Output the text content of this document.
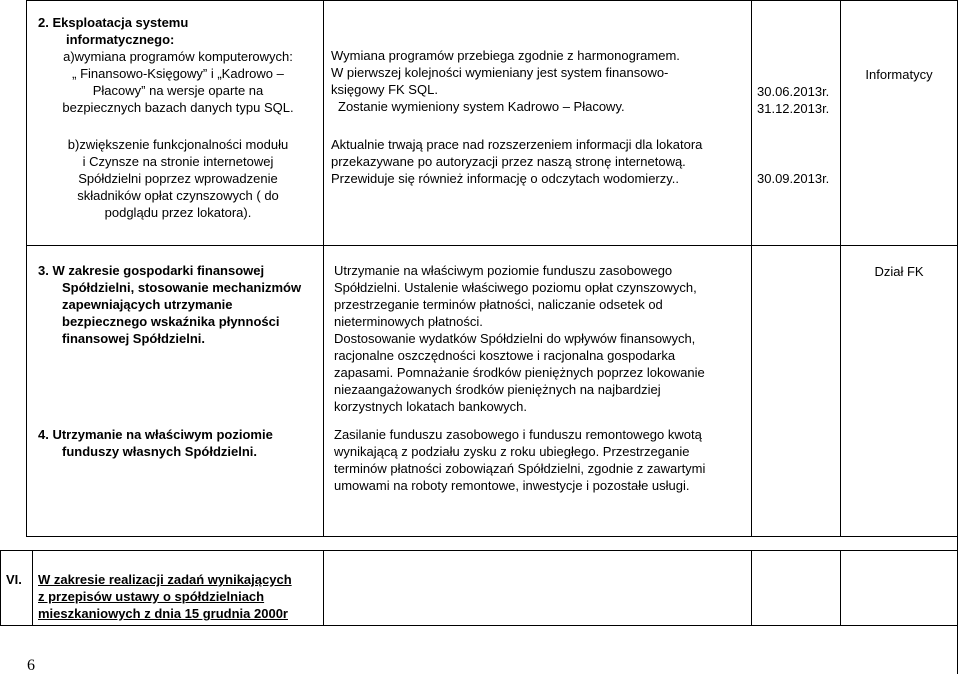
2. Eksploatacja systemu
informatycznego:
a)wymiana programów komputerowych:
„ Finansowo-Księgowy” i „Kadrowo –
Płacowy” na wersje oparte na
bezpiecznych bazach danych typu SQL.
Wymiana programów przebiega zgodnie z harmonogramem.
W pierwszej kolejności wymieniany jest system finansowo-
księgowy FK SQL.
Zostanie wymieniony system Kadrowo – Płacowy.
30.06.2013r.
31.12.2013r.
Informatycy
b)zwiększenie funkcjonalności modułu
i Czynsze na stronie internetowej
Spółdzielni poprzez wprowadzenie
składników opłat czynszowych ( do
podglądu przez lokatora).
Aktualnie trwają prace nad rozszerzeniem informacji dla lokatora
przekazywane po autoryzacji przez naszą stronę internetową.
Przewiduje się również informację o odczytach wodomierzy..	30.09.2013r.
3. W zakresie gospodarki finansowej
Spółdzielni, stosowanie mechanizmów
zapewniających utrzymanie
bezpiecznego wskaźnika płynności
finansowej Spółdzielni.
Utrzymanie na właściwym poziomie funduszu zasobowego
Spółdzielni. Ustalenie właściwego poziomu opłat czynszowych,
przestrzeganie terminów płatności, naliczanie odsetek od
nieterminowych płatności.
Dostosowanie wydatków Spółdzielni do wpływów finansowych,
racjonalne oszczędności kosztowe i racjonalna gospodarka
zapasami. Pomnażanie środków pieniężnych poprzez lokowanie
niezaangażowanych środków pieniężnych na najbardziej
korzystnych lokatach bankowych.
Dział FK
4. Utrzymanie na właściwym poziomie
funduszy własnych Spółdzielni.
Zasilanie funduszu zasobowego i funduszu remontowego kwotą
wynikającą z podziału zysku z roku ubiegłego. Przestrzeganie
terminów płatności zobowiązań Spółdzielni, zgodnie z zawartymi
umowami na roboty remontowe, inwestycje i pozostałe usługi.
VI. W zakresie realizacji zadań wynikających
z przepisów ustawy o spółdzielniach
mieszkaniowych z dnia 15 grudnia 2000r
6
